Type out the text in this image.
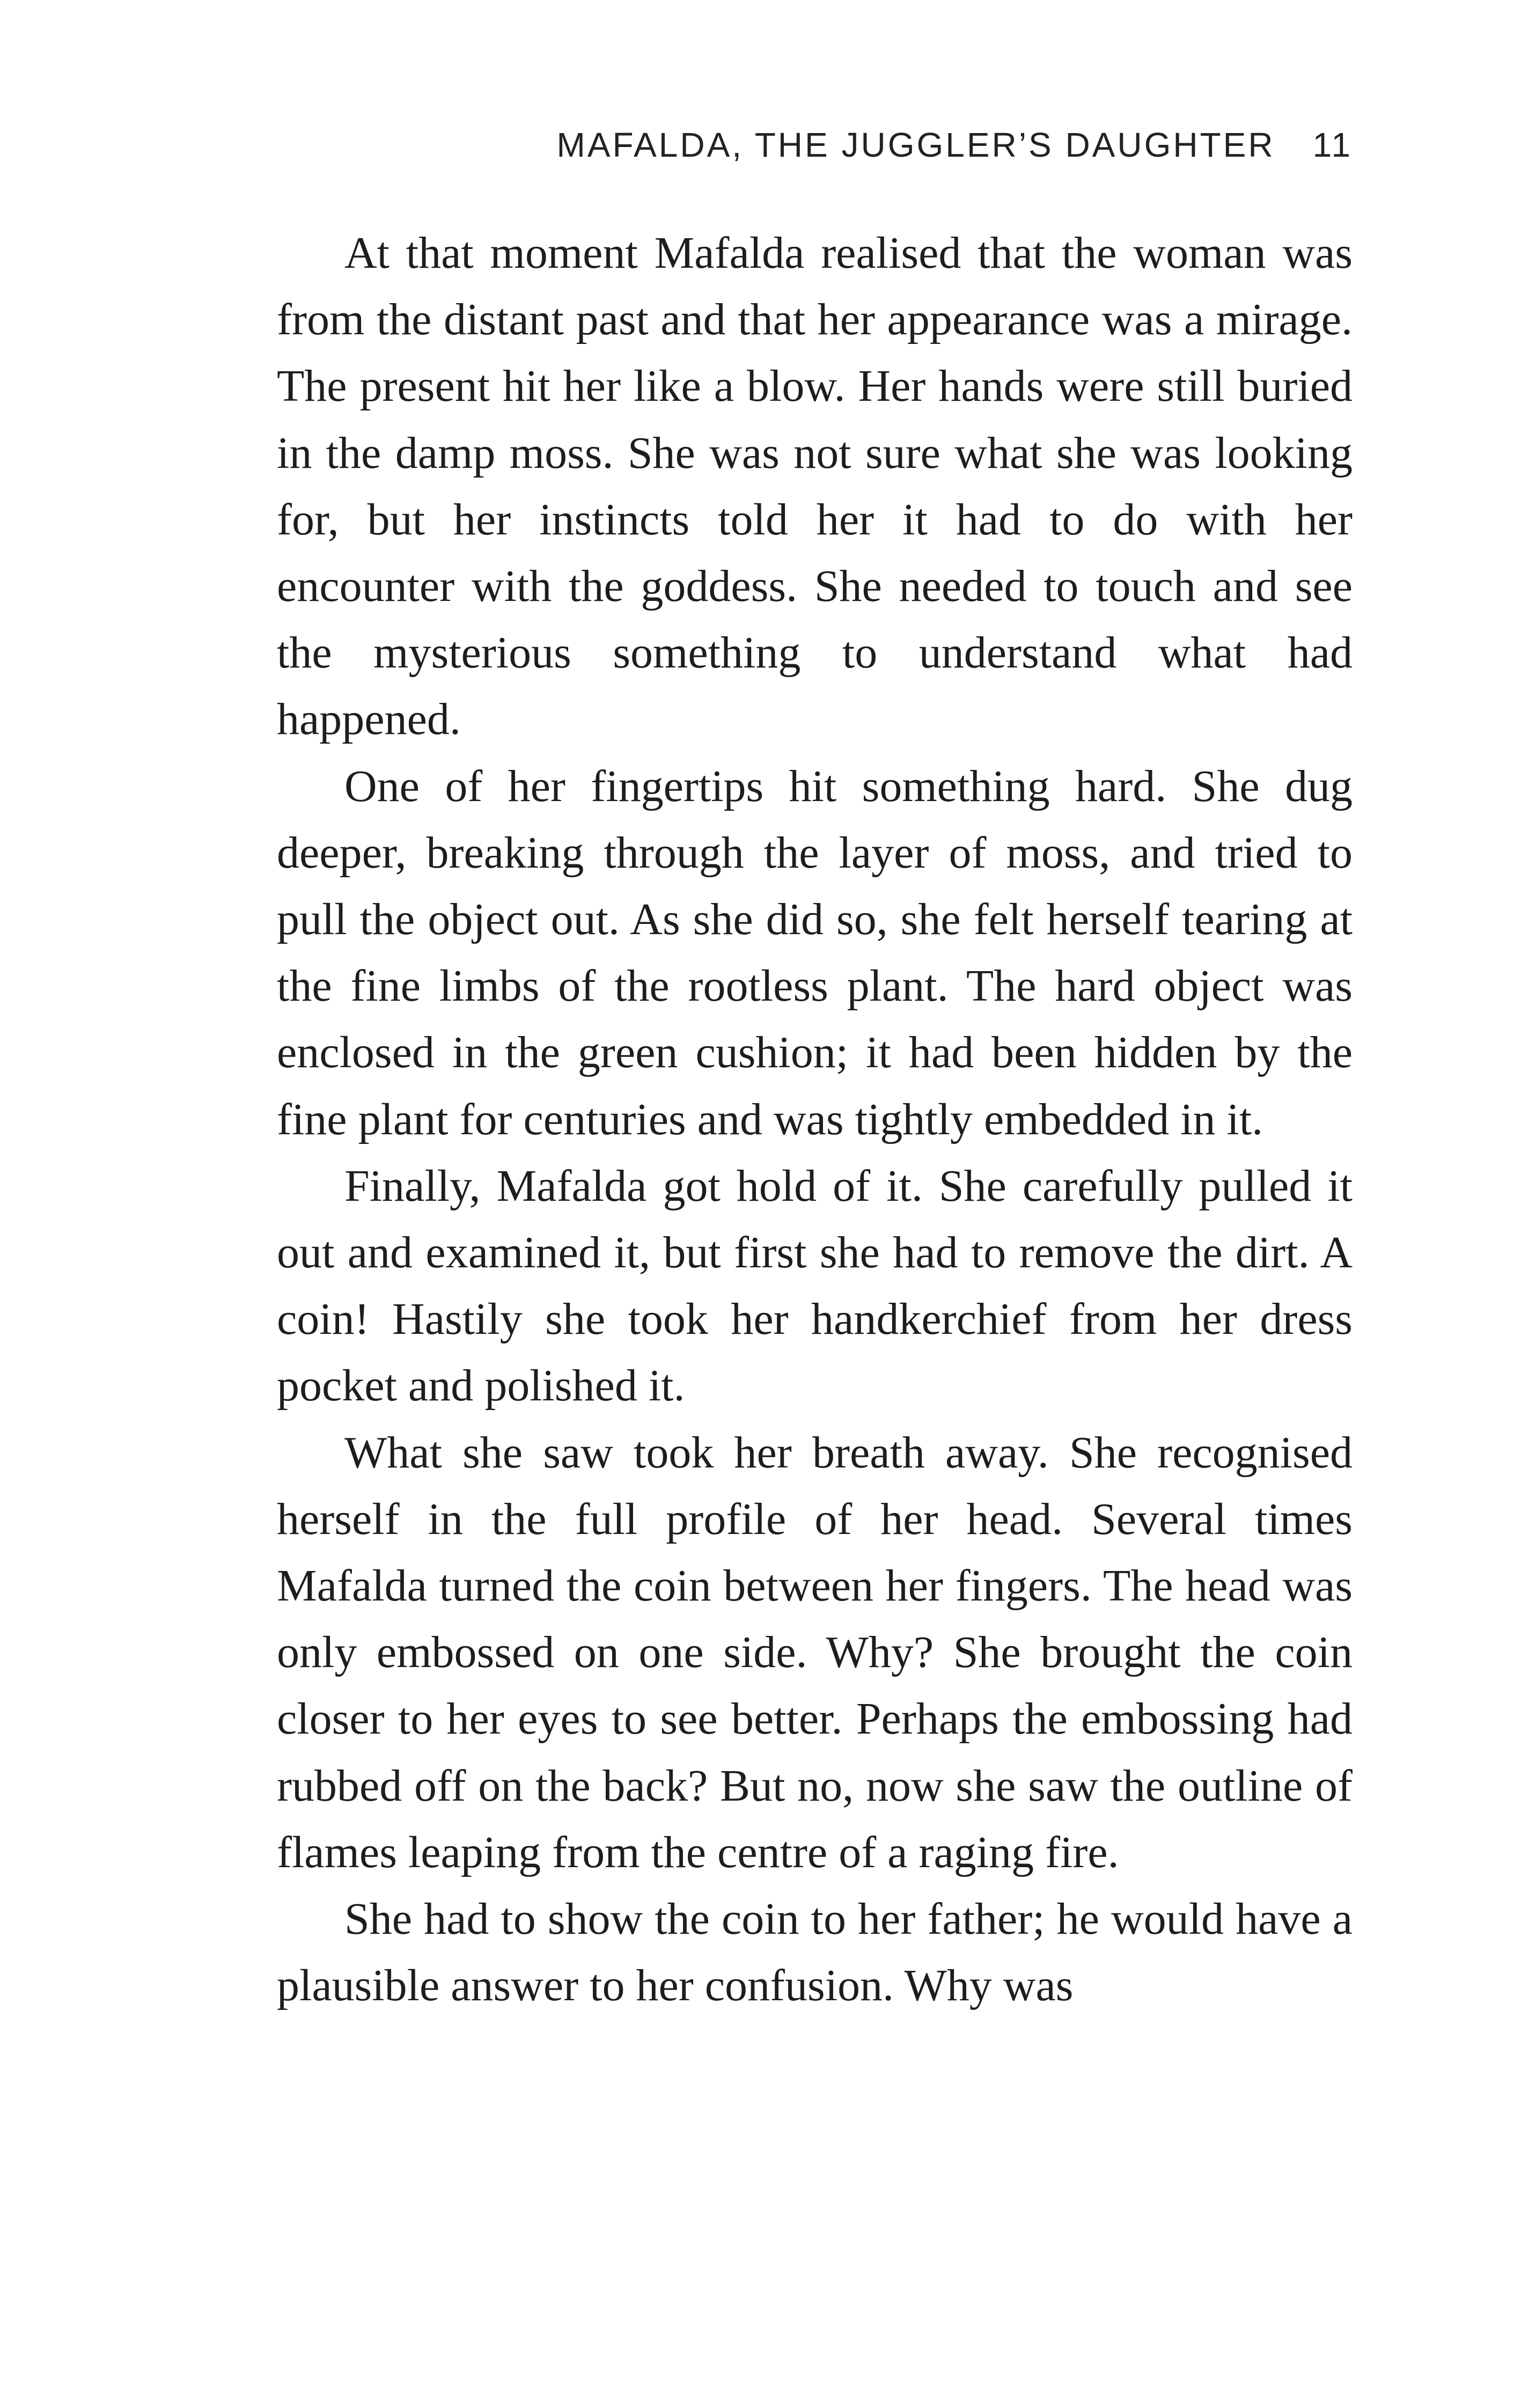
MAFALDA, THE JUGGLER’S DAUGHTER 11

At that moment Mafalda realised that the woman was from the distant past and that her appearance was a mirage. The present hit her like a blow. Her hands were still buried in the damp moss. She was not sure what she was looking for, but her instincts told her it had to do with her encounter with the goddess. She needed to touch and see the mysterious something to understand what had happened.

One of her fingertips hit something hard. She dug deeper, breaking through the layer of moss, and tried to pull the object out. As she did so, she felt herself tearing at the fine limbs of the rootless plant. The hard object was enclosed in the green cushion; it had been hidden by the fine plant for centuries and was tightly embedded in it.

Finally, Mafalda got hold of it. She carefully pulled it out and examined it, but first she had to remove the dirt. A coin! Hastily she took her handkerchief from her dress pocket and polished it.

What she saw took her breath away. She recognised herself in the full profile of her head. Several times Mafalda turned the coin between her fingers. The head was only embossed on one side. Why? She brought the coin closer to her eyes to see better. Perhaps the embossing had rubbed off on the back? But no, now she saw the outline of flames leaping from the centre of a raging fire.

She had to show the coin to her father; he would have a plausible answer to her confusion. Why was
